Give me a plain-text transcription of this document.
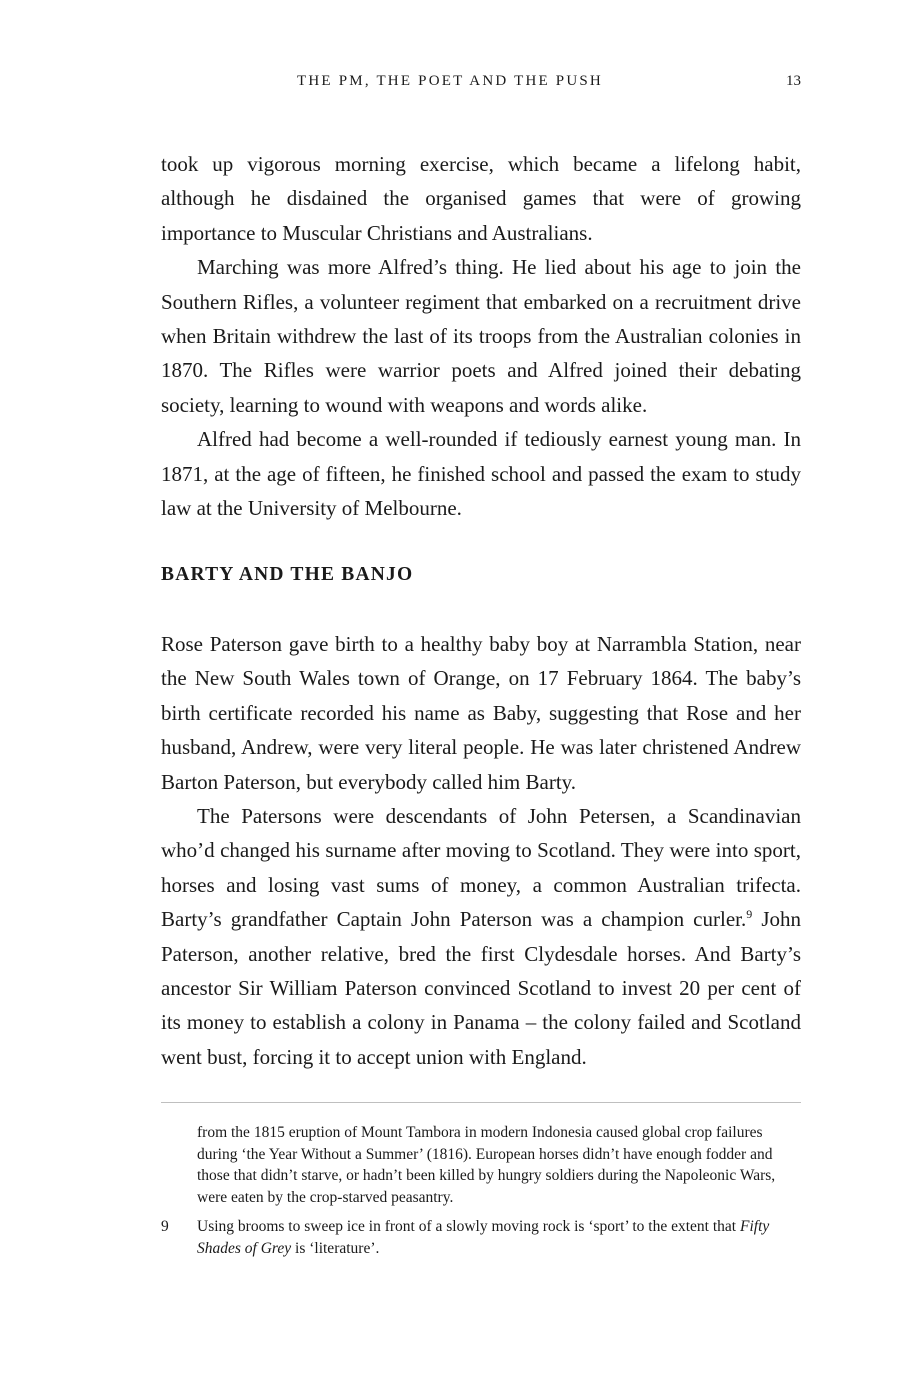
THE PM, THE POET AND THE PUSH	13

took up vigorous morning exercise, which became a lifelong habit, although he disdained the organised games that were of growing importance to Muscular Christians and Australians.

Marching was more Alfred’s thing. He lied about his age to join the Southern Rifles, a volunteer regiment that embarked on a recruitment drive when Britain withdrew the last of its troops from the Australian colonies in 1870. The Rifles were warrior poets and Alfred joined their debating society, learning to wound with weapons and words alike.

Alfred had become a well-rounded if tediously earnest young man. In 1871, at the age of fifteen, he finished school and passed the exam to study law at the University of Melbourne.

BARTY AND THE BANJO

Rose Paterson gave birth to a healthy baby boy at Narrambla Station, near the New South Wales town of Orange, on 17 February 1864. The baby’s birth certificate recorded his name as Baby, suggesting that Rose and her husband, Andrew, were very literal people. He was later christened Andrew Barton Paterson, but everybody called him Barty.

The Patersons were descendants of John Petersen, a Scandinavian who’d changed his surname after moving to Scotland. They were into sport, horses and losing vast sums of money, a common Australian trifecta. Barty’s grandfather Captain John Paterson was a champion curler.$^9$ John Paterson, another relative, bred the first Clydesdale horses. And Barty’s ancestor Sir William Paterson convinced Scotland to invest 20 per cent of its money to establish a colony in Panama – the colony failed and Scotland went bust, forcing it to accept union with England.

from the 1815 eruption of Mount Tambora in modern Indonesia caused global crop failures during ‘the Year Without a Summer’ (1816). European horses didn’t have enough fodder and those that didn’t starve, or hadn’t been killed by hungry soldiers during the Napoleonic Wars, were eaten by the crop-starved peasantry.
9	Using brooms to sweep ice in front of a slowly moving rock is ‘sport’ to the extent that Fifty Shades of Grey is ‘literature’.
